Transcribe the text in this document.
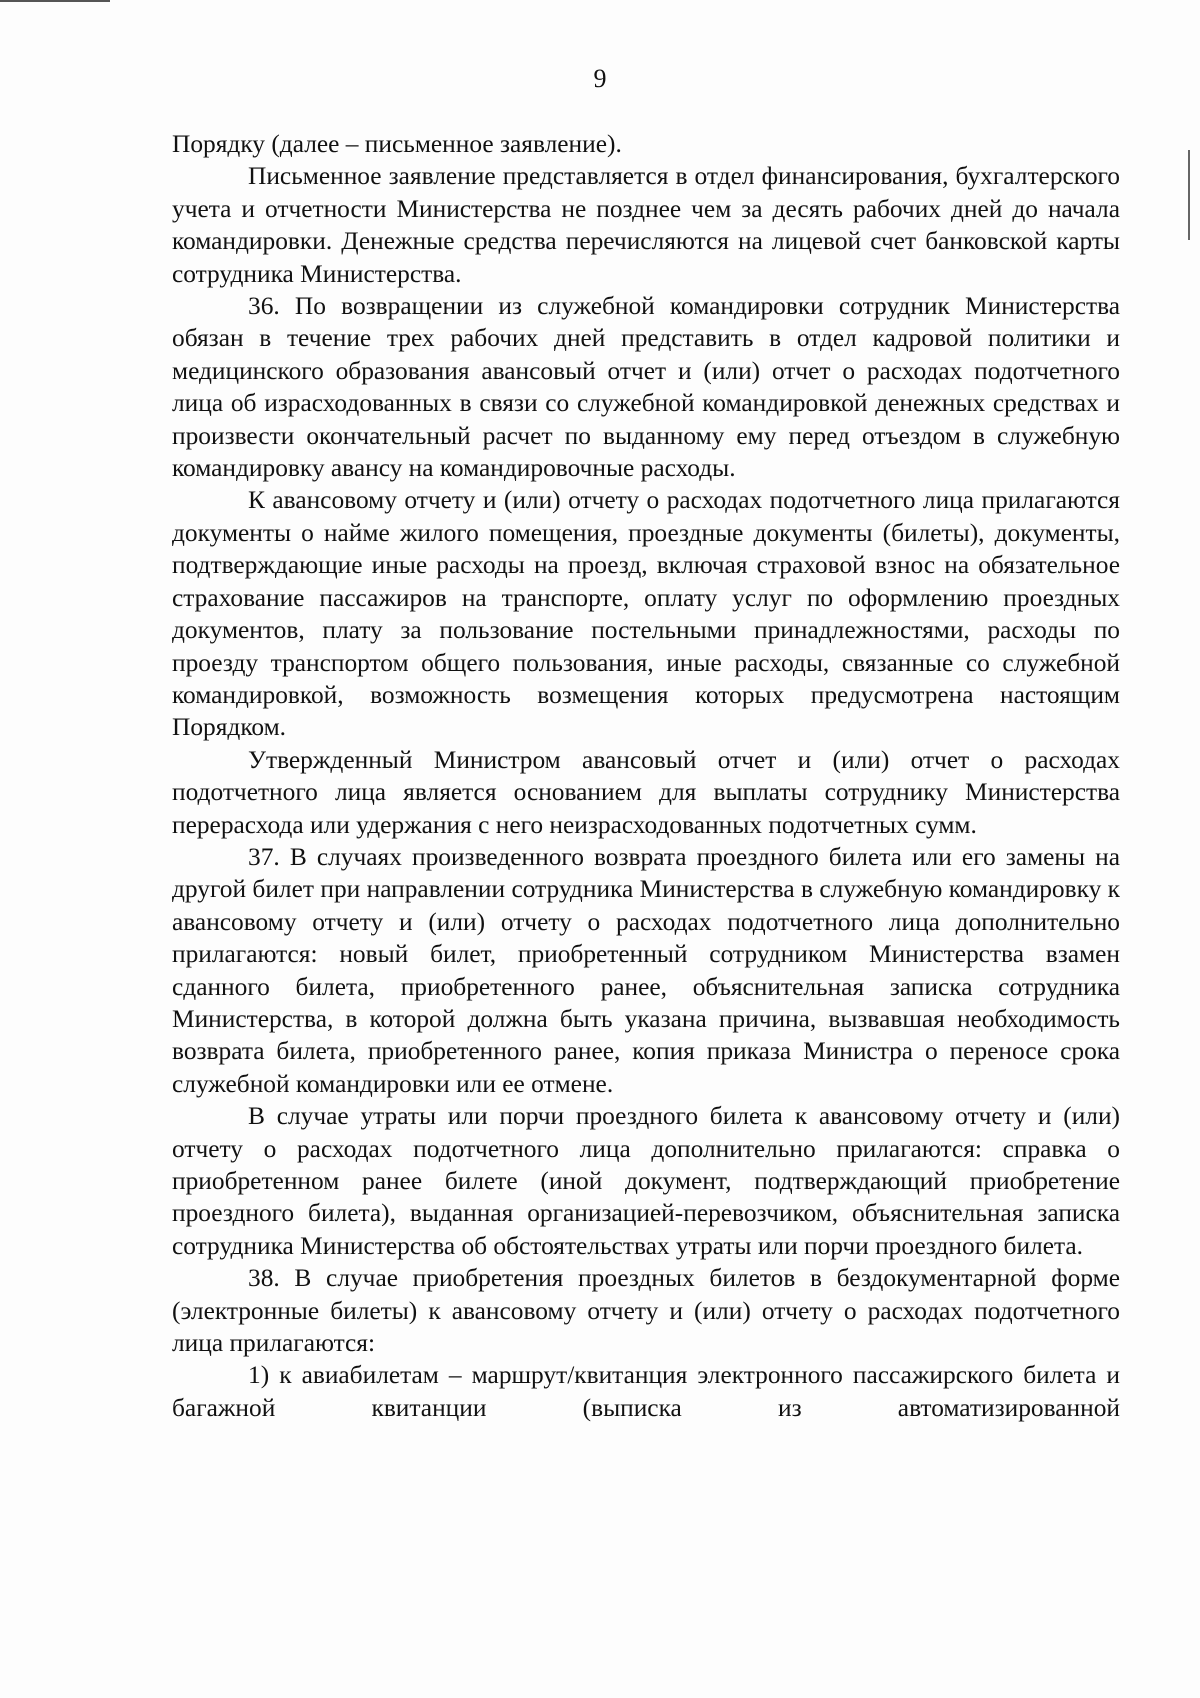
9

Порядку (далее – письменное заявление).

Письменное заявление представляется в отдел финансирования, бухгалтерского учета и отчетности Министерства не позднее чем за десять рабочих дней до начала командировки. Денежные средства перечисляются на лицевой счет банковской карты сотрудника Министерства.

36. По возвращении из служебной командировки сотрудник Министерства обязан в течение трех рабочих дней представить в отдел кадровой политики и медицинского образования авансовый отчет и (или) отчет о расходах подотчетного лица об израсходованных в связи со служебной командировкой денежных средствах и произвести окончательный расчет по выданному ему перед отъездом в служебную командировку авансу на командировочные расходы.

К авансовому отчету и (или) отчету о расходах подотчетного лица прилагаются документы о найме жилого помещения, проездные документы (билеты), документы, подтверждающие иные расходы на проезд, включая страховой взнос на обязательное страхование пассажиров на транспорте, оплату услуг по оформлению проездных документов, плату за пользование постельными принадлежностями, расходы по проезду транспортом общего пользования, иные расходы, связанные со служебной командировкой, возможность возмещения которых предусмотрена настоящим Порядком.

Утвержденный Министром авансовый отчет и (или) отчет о расходах подотчетного лица является основанием для выплаты сотруднику Министерства перерасхода или удержания с него неизрасходованных подотчетных сумм.

37. В случаях произведенного возврата проездного билета или его замены на другой билет при направлении сотрудника Министерства в служебную командировку к авансовому отчету и (или) отчету о расходах подотчетного лица дополнительно прилагаются: новый билет, приобретенный сотрудником Министерства взамен сданного билета, приобретенного ранее, объяснительная записка сотрудника Министерства, в которой должна быть указана причина, вызвавшая необходимость возврата билета, приобретенного ранее, копия приказа Министра о переносе срока служебной командировки или ее отмене.

В случае утраты или порчи проездного билета к авансовому отчету и (или) отчету о расходах подотчетного лица дополнительно прилагаются: справка о приобретенном ранее билете (иной документ, подтверждающий приобретение проездного билета), выданная организацией-перевозчиком, объяснительная записка сотрудника Министерства об обстоятельствах утраты или порчи проездного билета.

38. В случае приобретения проездных билетов в бездокументарной форме (электронные билеты) к авансовому отчету и (или) отчету о расходах подотчетного лица прилагаются:

1) к авиабилетам – маршрут/квитанция электронного пассажирского билета и багажной квитанции (выписка из автоматизированной
